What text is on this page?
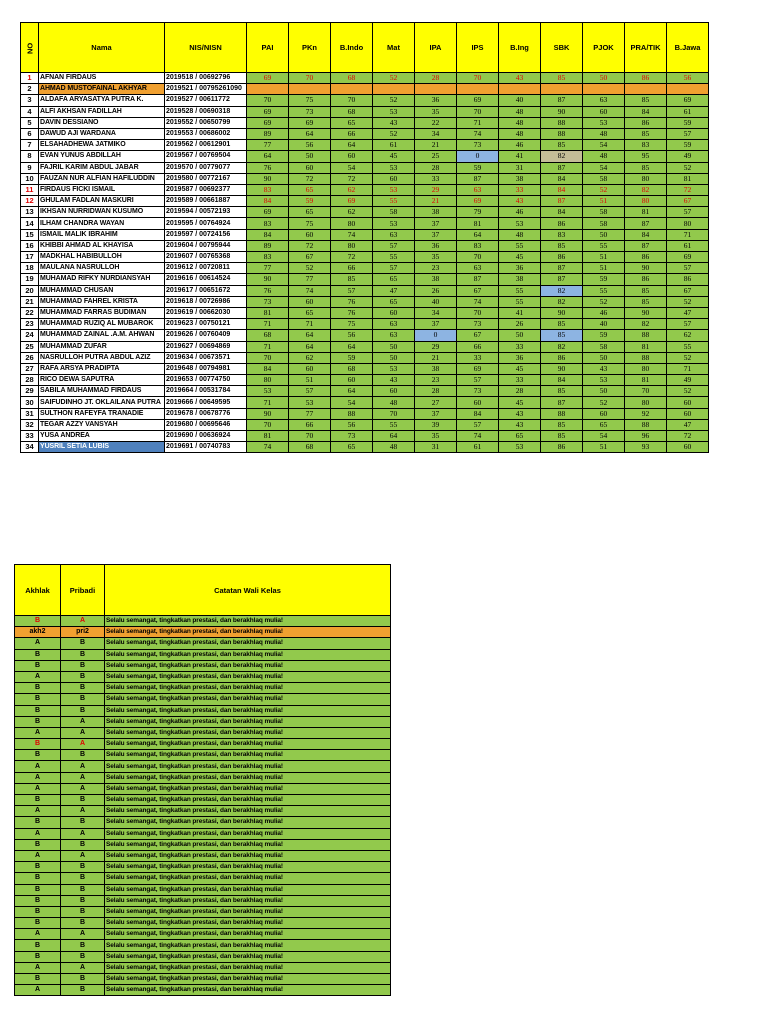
NO	Nama	NIS/NISN	PAI	PKn	B.Indo	Mat	IPA	IPS	B.Ing	SBK	PJOK	PRA/TIK	B.Jawa
1	AFNAN FIRDAUS	2019518 / 00692796	69	70	68	52	28	70	43	85	50	86	56
2	AHMAD MUSTOFAINAL AKHYAR	2019521 / 00795261090											
3	ALDAFA ARYASATYA PUTRA K.	2019527 / 00611772	70	75	70	52	36	69	40	87	63	85	69
4	ALFI AKHSAN FADILLAH	2019528 / 00690318	69	73	68	53	35	70	48	90	60	84	61
5	DAVIN DESSIANO	2019552 / 00650799	69	69	65	43	22	71	48	88	53	86	59
6	DAWUD AJI WARDANA	2019553 / 00686002	89	64	66	52	34	74	48	88	48	85	57
7	ELSAHADHEWA JATMIKO	2019562 / 00612901	77	56	64	61	21	73	46	85	54	83	59
8	EVAN YUNUS ABDILLAH	2019567 / 00769504	64	50	60	45	25	0	41	82	48	95	49
9	FAJRIL KARIM ABDUL JABAR	2019570 / 00779077	76	60	54	53	28	59	31	87	54	85	52
10	FAUZAN NUR ALFIAN HAFILUDDIN	2019580 / 00772167	90	72	72	60	33	87	38	84	58	80	81
11	FIRDAUS FICKI ISMAIL	2019587 / 00692377	83	65	62	53	29	63	33	84	52	82	72
12	GHULAM FADLAN MASKURI	2019589 / 00661887	84	59	69	55	21	69	43	87	51	80	67
13	IKHSAN NURRIDWAN KUSUMO	2019594 / 00572193	69	65	62	58	38	79	46	84	58	81	57
14	ILHAM CHANDRA WAYAN	2019595 / 00764924	83	75	80	53	37	81	53	86	58	87	80
15	ISMAIL MALIK IBRAHIM	2019597 / 00724156	84	60	74	63	37	64	48	83	50	84	71
16	KHIBBI AHMAD AL KHAYISA	2019604 / 00795944	89	72	80	57	36	83	55	85	55	87	61
17	MADKHAL HABIBULLOH	2019607 / 00765368	83	67	72	55	35	70	45	86	51	86	69
18	MAULANA NASRULLOH	2019612 / 00720811	77	52	66	57	23	63	36	87	51	90	57
19	MUHAMAD RIFKY NURDIANSYAH	2019616 / 00614524	90	77	85	65	38	87	38	87	59	86	86
20	MUHAMMAD CHUSAN	2019617 / 00651672	76	74	57	47	26	67	55	82	55	85	67
21	MUHAMMAD FAHREL KRISTA	2019618 / 00726986	73	60	76	65	40	74	55	82	52	85	52
22	MUHAMMAD FARRAS BUDIMAN	2019619 / 00662030	81	65	76	60	34	70	41	90	46	90	47
23	MUHAMMAD RUZIQ AL MUBAROK	2019623 / 00750121	71	71	75	63	37	73	26	85	40	82	57
24	MUHAMMAD ZAINAL .A.M. AHWAN	2019626 / 00760409	68	64	56	63	0	67	50	85	59	88	62
25	MUHAMMAD ZUFAR	2019627 / 00694869	71	64	64	50	29	66	33	82	58	81	55
26	NASRULLOH PUTRA ABDUL AZIZ	2019634 / 00673571	70	62	59	50	21	33	36	86	50	88	52
27	RAFA ARSYA PRADIPTA	2019648 / 00794981	84	60	68	53	38	69	45	90	43	80	71
28	RICO DEWA SAPUTRA	2019653 / 00774750	80	51	60	43	23	57	33	84	53	81	49
29	SABILA MUHAMMAD FIRDAUS	2019664 / 00531784	53	57	64	60	28	73	28	85	50	70	52
30	SAIFUDINHO JT. OKLAILANA PUTRA	2019666 / 00649595	71	53	54	48	27	60	45	87	52	80	60
31	SULTHON RAFEYFA TRANADIE	2019678 / 00678776	90	77	88	70	37	84	43	88	60	92	60
32	TEGAR AZZY VANSYAH	2019680 / 00695646	70	66	56	55	39	57	43	85	65	88	47
33	YUSA ANDREA	2019690 / 00636924	81	70	73	64	35	74	65	85	54	96	72
34	YUSRIL SETIA LUBIS	2019691 / 00740783	74	68	65	48	31	61	53	86	51	93	60
Akhlak	Pribadi	Catatan Wali Kelas
B	A	Selalu semangat, tingkatkan prestasi, dan berakhlaq mulia!
akh2	pri2	Selalu semangat, tingkatkan prestasi, dan berakhlaq mulia!
A	B	Selalu semangat, tingkatkan prestasi, dan berakhlaq mulia!
B	B	Selalu semangat, tingkatkan prestasi, dan berakhlaq mulia!
B	B	Selalu semangat, tingkatkan prestasi, dan berakhlaq mulia!
A	B	Selalu semangat, tingkatkan prestasi, dan berakhlaq mulia!
B	B	Selalu semangat, tingkatkan prestasi, dan berakhlaq mulia!
B	B	Selalu semangat, tingkatkan prestasi, dan berakhlaq mulia!
B	B	Selalu semangat, tingkatkan prestasi, dan berakhlaq mulia!
B	A	Selalu semangat, tingkatkan prestasi, dan berakhlaq mulia!
A	A	Selalu semangat, tingkatkan prestasi, dan berakhlaq mulia!
B	A	Selalu semangat, tingkatkan prestasi, dan berakhlaq mulia!
B	B	Selalu semangat, tingkatkan prestasi, dan berakhlaq mulia!
A	A	Selalu semangat, tingkatkan prestasi, dan berakhlaq mulia!
A	A	Selalu semangat, tingkatkan prestasi, dan berakhlaq mulia!
A	A	Selalu semangat, tingkatkan prestasi, dan berakhlaq mulia!
B	B	Selalu semangat, tingkatkan prestasi, dan berakhlaq mulia!
A	A	Selalu semangat, tingkatkan prestasi, dan berakhlaq mulia!
B	B	Selalu semangat, tingkatkan prestasi, dan berakhlaq mulia!
A	A	Selalu semangat, tingkatkan prestasi, dan berakhlaq mulia!
B	B	Selalu semangat, tingkatkan prestasi, dan berakhlaq mulia!
A	A	Selalu semangat, tingkatkan prestasi, dan berakhlaq mulia!
B	B	Selalu semangat, tingkatkan prestasi, dan berakhlaq mulia!
B	B	Selalu semangat, tingkatkan prestasi, dan berakhlaq mulia!
B	B	Selalu semangat, tingkatkan prestasi, dan berakhlaq mulia!
B	B	Selalu semangat, tingkatkan prestasi, dan berakhlaq mulia!
B	B	Selalu semangat, tingkatkan prestasi, dan berakhlaq mulia!
B	B	Selalu semangat, tingkatkan prestasi, dan berakhlaq mulia!
A	A	Selalu semangat, tingkatkan prestasi, dan berakhlaq mulia!
B	B	Selalu semangat, tingkatkan prestasi, dan berakhlaq mulia!
B	B	Selalu semangat, tingkatkan prestasi, dan berakhlaq mulia!
A	A	Selalu semangat, tingkatkan prestasi, dan berakhlaq mulia!
B	B	Selalu semangat, tingkatkan prestasi, dan berakhlaq mulia!
A	B	Selalu semangat, tingkatkan prestasi, dan berakhlaq mulia!
